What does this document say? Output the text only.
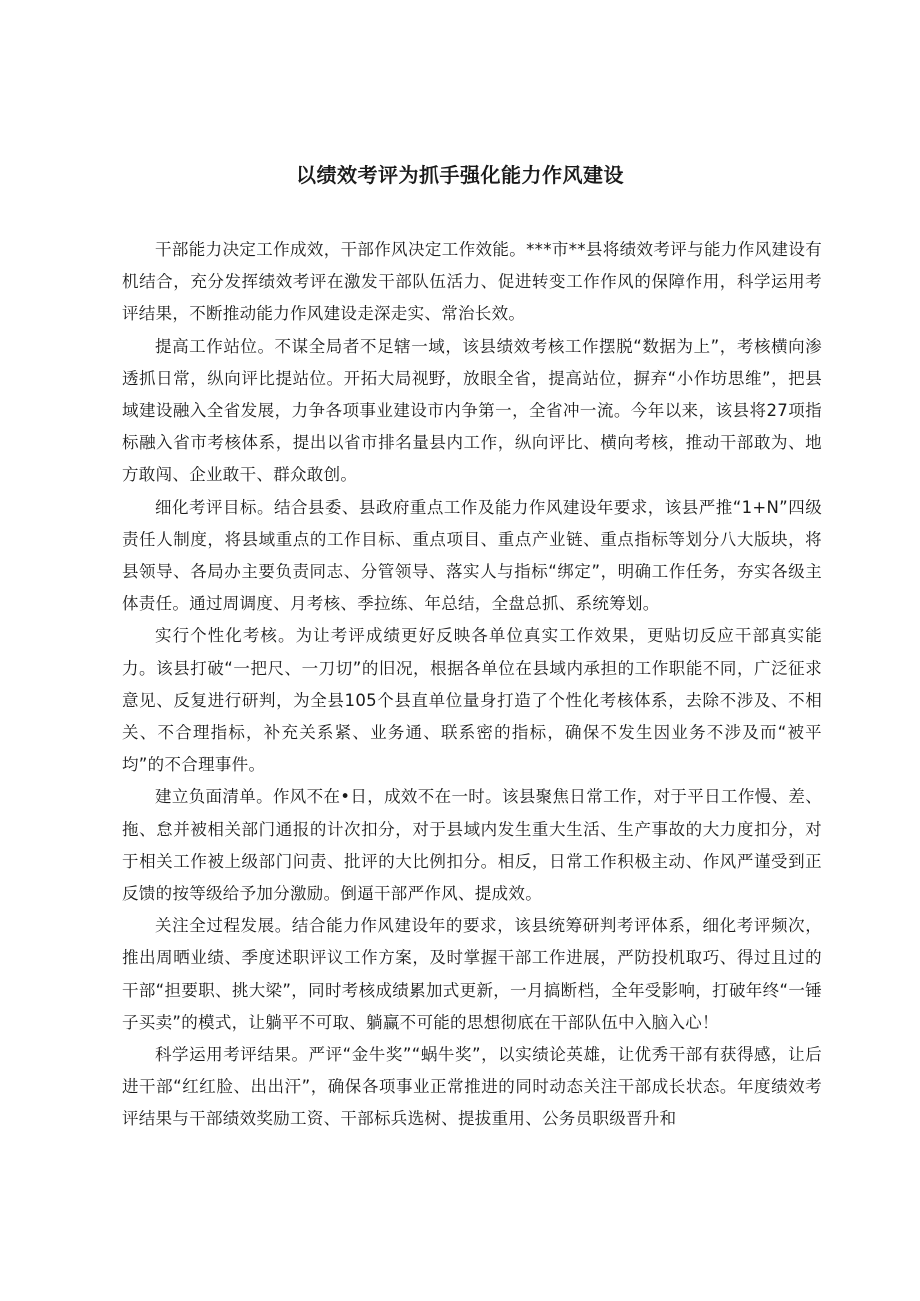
以绩效考评为抓手强化能力作风建设

干部能力决定工作成效，干部作风决定工作效能。***市**县将绩效考评与能力作风建设有机结合，充分发挥绩效考评在激发干部队伍活力、促进转变工作作风的保障作用，科学运用考评结果，不断推动能力作风建设走深走实、常治长效。

提高工作站位。不谋全局者不足辖一域，该县绩效考核工作摆脱“数据为上”，考核横向渗透抓日常，纵向评比提站位。开拓大局视野，放眼全省，提高站位，摒弃“小作坊思维”，把县域建设融入全省发展，力争各项事业建设市内争第一，全省冲一流。今年以来，该县将27项指标融入省市考核体系，提出以省市排名量县内工作，纵向评比、横向考核，推动干部敢为、地方敢闯、企业敢干、群众敢创。

细化考评目标。结合县委、县政府重点工作及能力作风建设年要求，该县严推“1+N”四级责任人制度，将县域重点的工作目标、重点项目、重点产业链、重点指标等划分八大版块，将县领导、各局办主要负责同志、分管领导、落实人与指标“绑定”，明确工作任务，夯实各级主体责任。通过周调度、月考核、季拉练、年总结，全盘总抓、系统筹划。

实行个性化考核。为让考评成绩更好反映各单位真实工作效果，更贴切反应干部真实能力。该县打破“一把尺、一刀切”的旧况，根据各单位在县域内承担的工作职能不同，广泛征求意见、反复进行研判，为全县105个县直单位量身打造了个性化考核体系，去除不涉及、不相关、不合理指标，补充关系紧、业务通、联系密的指标，确保不发生因业务不涉及而“被平均”的不合理事件。

建立负面清单。作风不在•日，成效不在一时。该县聚焦日常工作，对于平日工作慢、差、拖、怠并被相关部门通报的计次扣分，对于县域内发生重大生活、生产事故的大力度扣分，对于相关工作被上级部门问责、批评的大比例扣分。相反，日常工作积极主动、作风严谨受到正反馈的按等级给予加分激励。倒逼干部严作风、提成效。

关注全过程发展。结合能力作风建设年的要求，该县统筹研判考评体系，细化考评频次，推出周晒业绩、季度述职评议工作方案，及时掌握干部工作进展，严防投机取巧、得过且过的干部“担要职、挑大梁”，同时考核成绩累加式更新，一月搞断档，全年受影响，打破年终“一锤子买卖”的模式，让躺平不可取、躺赢不可能的思想彻底在干部队伍中入脑入心！

科学运用考评结果。严评“金牛奖”“蜗牛奖”，以实绩论英雄，让优秀干部有获得感，让后进干部“红红脸、出出汗”，确保各项事业正常推进的同时动态关注干部成长状态。年度绩效考评结果与干部绩效奖励工资、干部标兵选树、提拔重用、公务员职级晋升和
